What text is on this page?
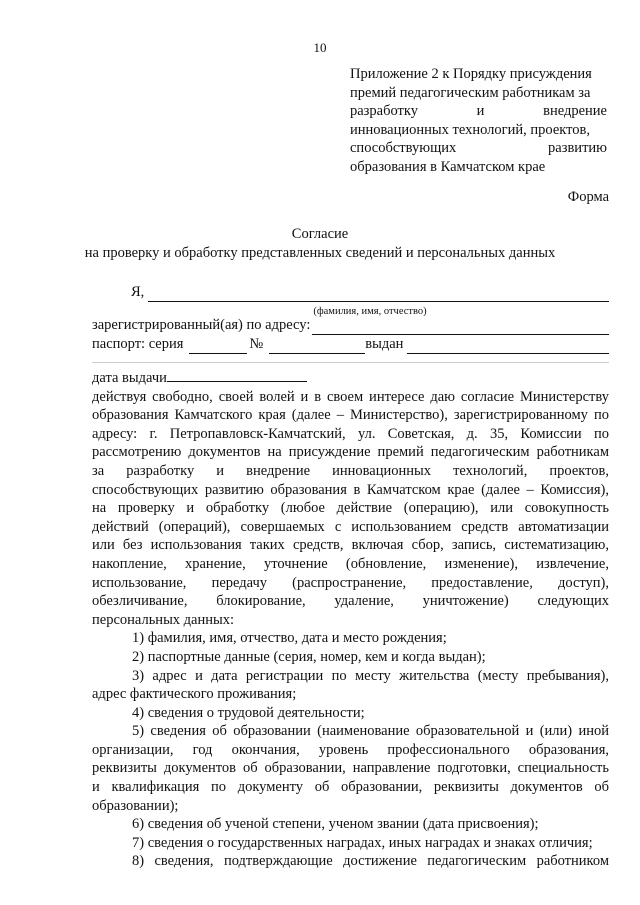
10
Приложение 2 к Порядку присуждения
премий педагогическим работникам за
разработку	и	внедрение
инновационных технологий, проектов,
способствующих	развитию
образования в Камчатском крае
Форма
Согласие
на проверку и обработку представленных сведений и персональных данных
Я,
(фамилия, имя, отчество)
зарегистрированный(ая) по адресу:
паспорт: серия	№	выдан

дата выдачи

действуя свободно, своей волей и в своем интересе даю согласие Министерству

образования Камчатского края (далее – Министерство), зарегистрированному по

адресу: г. Петропавловск-Камчатский, ул. Советская, д. 35, Комиссии по

рассмотрению документов на присуждение премий педагогическим работникам

за разработку и внедрение инновационных технологий, проектов,

способствующих развитию образования в Камчатском крае (далее – Комиссия),

на проверку и обработку (любое действие (операцию), или совокупность

действий (операций), совершаемых с использованием средств автоматизации

или без использования таких средств, включая сбор, запись, систематизацию,

накопление, хранение, уточнение (обновление, изменение), извлечение,

использование, передачу (распространение, предоставление, доступ),

обезличивание, блокирование, удаление, уничтожение) следующих

персональных данных:

1) фамилия, имя, отчество, дата и место рождения;

2) паспортные данные (серия, номер, кем и когда выдан);

3) адрес и дата регистрации по месту жительства (месту пребывания),

адрес фактического проживания;

4) сведения о трудовой деятельности;

5) сведения об образовании (наименование образовательной и (или) иной

организации, год окончания, уровень профессионального образования,

реквизиты документов об образовании, направление подготовки, специальность

и квалификация по документу об образовании, реквизиты документов об

образовании);

6) сведения об ученой степени, ученом звании (дата присвоения);

7) сведения о государственных наградах, иных наградах и знаках отличия;

8) сведения, подтверждающие достижение педагогическим работником
